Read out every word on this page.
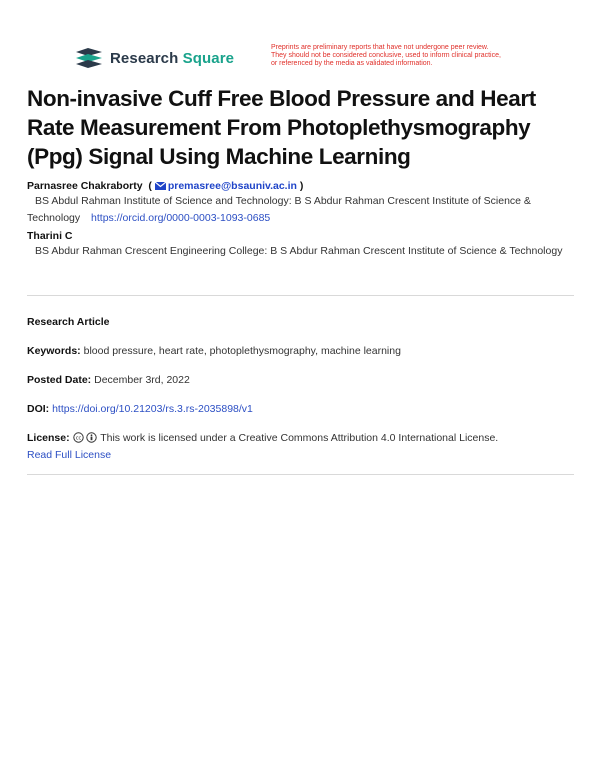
Research Square
Preprints are preliminary reports that have not undergone peer review.
They should not be considered conclusive, used to inform clinical practice,
or referenced by the media as validated information.
Non-invasive Cuff Free Blood Pressure and Heart Rate Measurement From Photoplethysmography (Ppg) Signal Using Machine Learning
Parnasree Chakraborty ( premasree@bsauniv.ac.in )
BS Abdul Rahman Institute of Science and Technology: B S Abdur Rahman Crescent Institute of Science & Technology https://orcid.org/0000-0003-1093-0685
Tharini C
BS Abdur Rahman Crescent Engineering College: B S Abdur Rahman Crescent Institute of Science & Technology
Research Article
Keywords: blood pressure, heart rate, photoplethysmography, machine learning
Posted Date: December 3rd, 2022
DOI: https://doi.org/10.21203/rs.3.rs-2035898/v1
License: cc This work is licensed under a Creative Commons Attribution 4.0 International License.
Read Full License
